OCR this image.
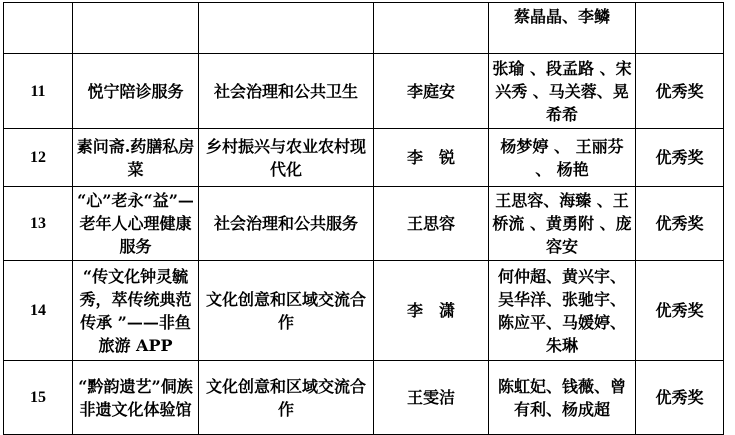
				蔡晶晶、李鳞	
11	悦宁陪诊服务	社会治理和公共卫生	李庭安	张瑜 、段孟路 、宋兴秀 、马关蓉、晃希希	优秀奖
12	素问斋.药膳私房菜	乡村振兴与农业农村现代化	李　锐	杨梦婷 、 王丽芬 、 杨艳	优秀奖
13	“心”老永“益”—老年人心理健康服务	社会治理和公共服务	王思容	王思容、海臻 、王桥流 、黄勇附 、庞容安	优秀奖
14	“传文化钟灵毓秀，萃传统典范传承 ”——非鱼旅游 APP	文化创意和区域交流合作	李　潇	何仲超、黄兴宇、吴华洋、张驰宇、陈应平、马媛婷、朱琳	优秀奖
15	“黔韵遗艺”侗族非遗文化体验馆	文化创意和区域交流合作	王雯洁	陈虹妃、钱薇、曾有利、杨成超	优秀奖
